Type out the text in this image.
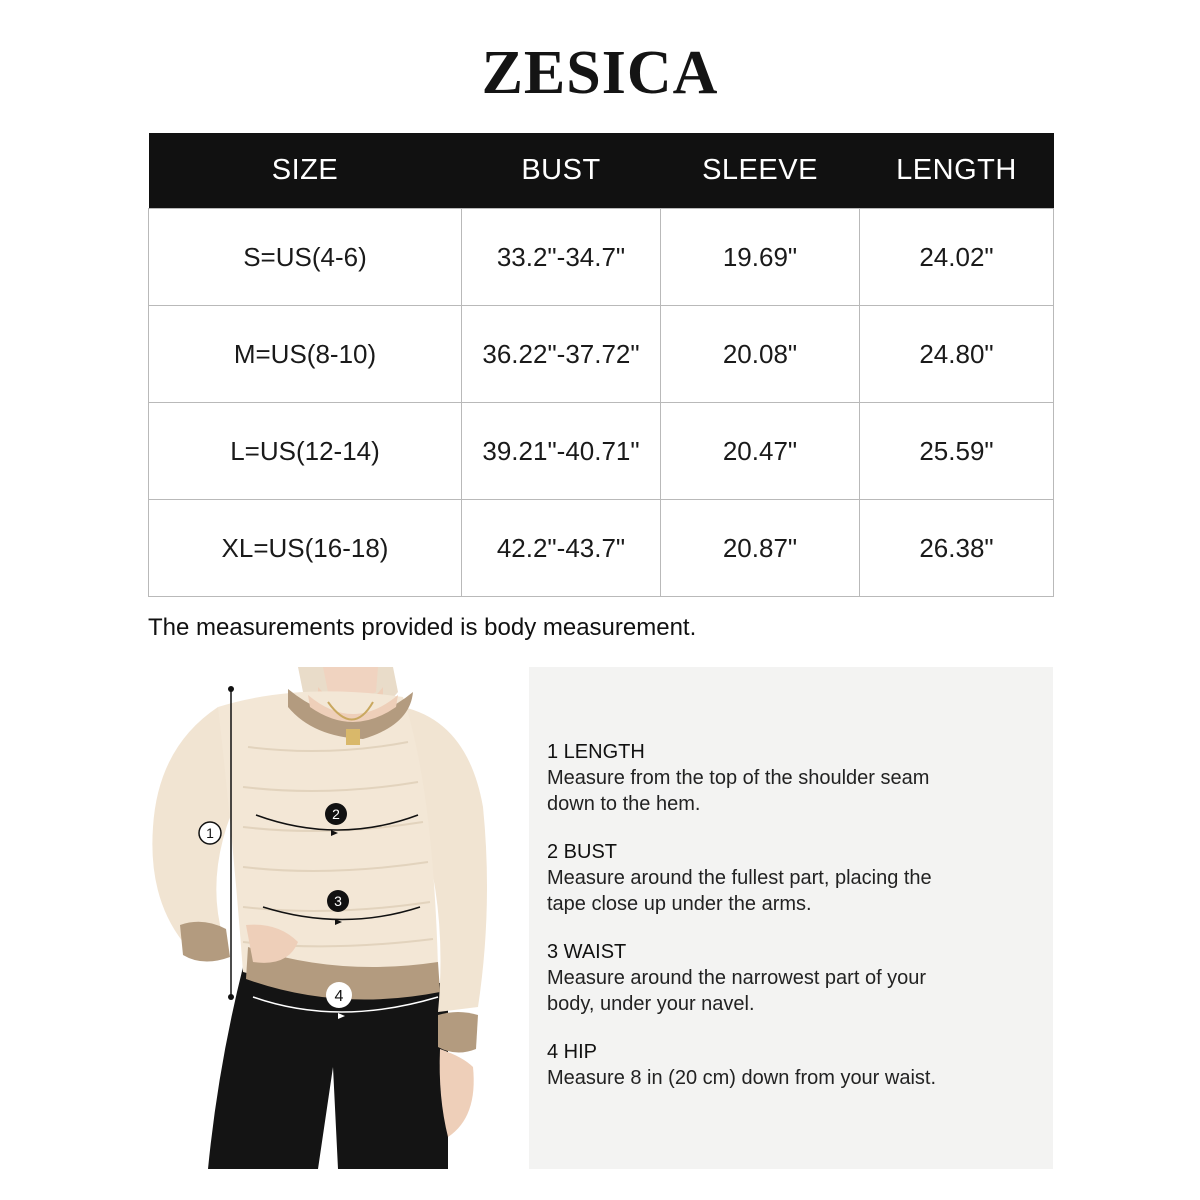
ZESICA
SIZE	BUST	SLEEVE	LENGTH
S=US(4-6)	33.2"-34.7"	19.69"	24.02"
M=US(8-10)	36.22"-37.72"	20.08"	24.80"
L=US(12-14)	39.21"-40.71"	20.47"	25.59"
XL=US(16-18)	42.2"-43.7"	20.87"	26.38"
The measurements provided is body measurement.
1
2
3
4
1 LENGTH
Measure from the top of the shoulder seam down to the hem.
2 BUST
Measure around the fullest part, placing the tape close up under the arms.
3 WAIST
Measure around the narrowest part of your body, under your navel.
4 HIP
Measure 8 in (20 cm) down from your waist.
